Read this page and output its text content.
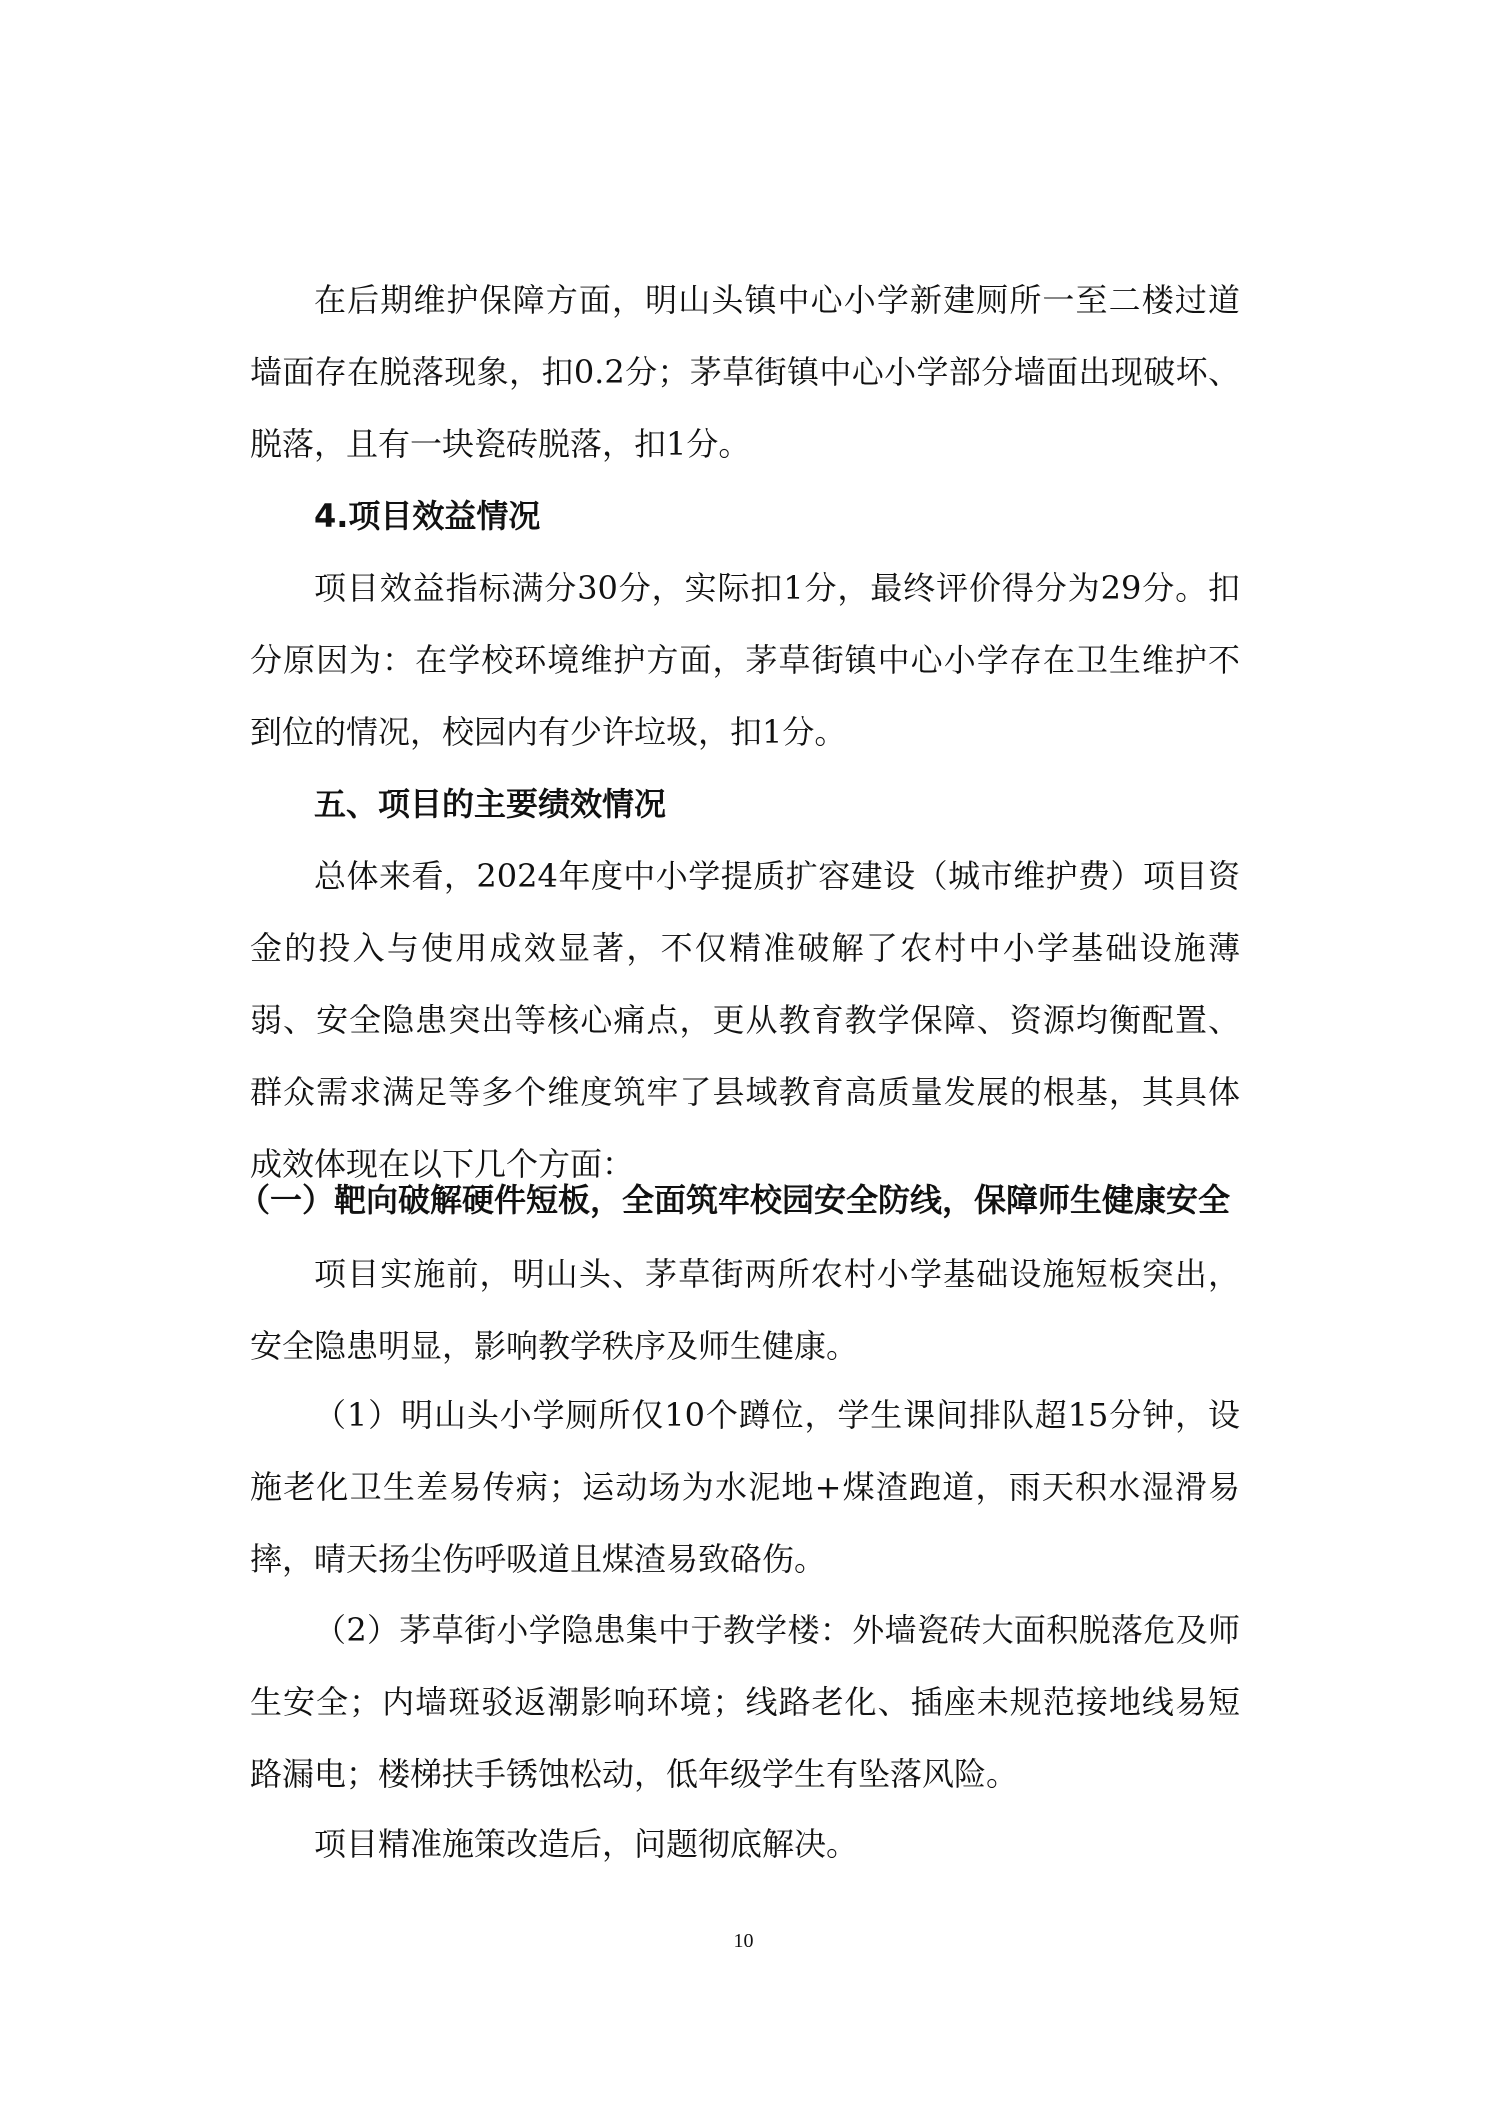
在后期维护保障方面，明山头镇中心小学新建厕所一至二楼过道墙面存在脱落现象，扣0.2分；茅草街镇中心小学部分墙面出现破坏、脱落，且有一块瓷砖脱落，扣1分。

4.项目效益情况

项目效益指标满分30分，实际扣1分，最终评价得分为29分。扣分原因为：在学校环境维护方面，茅草街镇中心小学存在卫生维护不到位的情况，校园内有少许垃圾，扣1分。

五、项目的主要绩效情况

总体来看，2024年度中小学提质扩容建设（城市维护费）项目资金的投入与使用成效显著，不仅精准破解了农村中小学基础设施薄弱、安全隐患突出等核心痛点，更从教育教学保障、资源均衡配置、群众需求满足等多个维度筑牢了县域教育高质量发展的根基，其具体成效体现在以下几个方面：

（一）靶向破解硬件短板，全面筑牢校园安全防线，保障师生健康安全

项目实施前，明山头、茅草街两所农村小学基础设施短板突出，安全隐患明显，影响教学秩序及师生健康。

（1）明山头小学厕所仅10个蹲位，学生课间排队超15分钟，设施老化卫生差易传病；运动场为水泥地+煤渣跑道，雨天积水湿滑易摔，晴天扬尘伤呼吸道且煤渣易致硌伤。

（2）茅草街小学隐患集中于教学楼：外墙瓷砖大面积脱落危及师生安全；内墙斑驳返潮影响环境；线路老化、插座未规范接地线易短路漏电；楼梯扶手锈蚀松动，低年级学生有坠落风险。

项目精准施策改造后，问题彻底解决。

10
